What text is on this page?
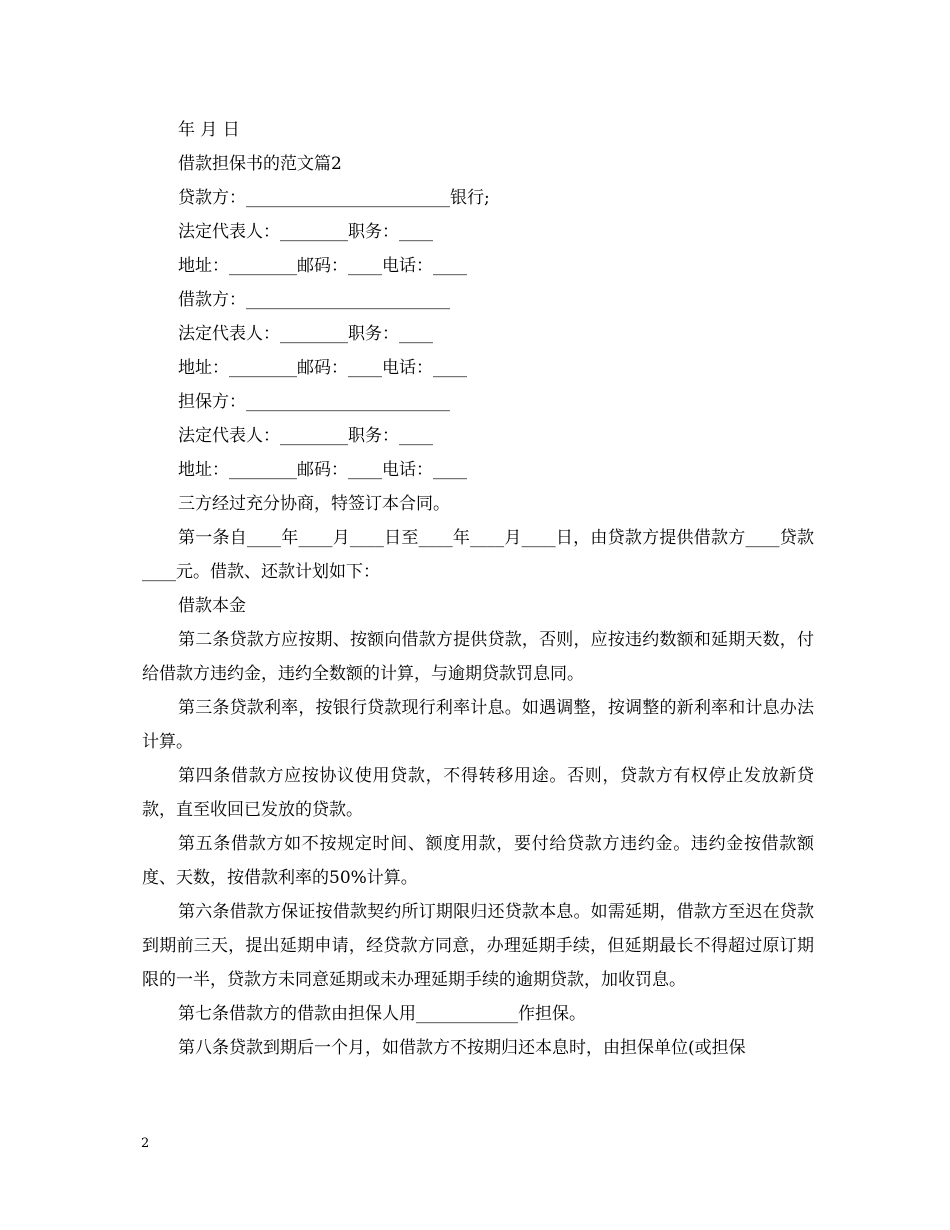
年 月 日
借款担保书的范文篇2
贷款方：________________________银行;
法定代表人：________职务：____
地址：________邮码：____电话：____
借款方：________________________
法定代表人：________职务：____
地址：________邮码：____电话：____
担保方：________________________
法定代表人：________职务：____
地址：________邮码：____电话：____
三方经过充分协商，特签订本合同。

第一条自____年____月____日至____年____月____日，由贷款方提供借款方____贷款____元。借款、还款计划如下：

借款本金

第二条贷款方应按期、按额向借款方提供贷款，否则，应按违约数额和延期天数，付给借款方违约金，违约全数额的计算，与逾期贷款罚息同。

第三条贷款利率，按银行贷款现行利率计息。如遇调整，按调整的新利率和计息办法计算。

第四条借款方应按协议使用贷款，不得转移用途。否则，贷款方有权停止发放新贷款，直至收回已发放的贷款。

第五条借款方如不按规定时间、额度用款，要付给贷款方违约金。违约金按借款额度、天数，按借款利率的50%计算。

第六条借款方保证按借款契约所订期限归还贷款本息。如需延期，借款方至迟在贷款到期前三天，提出延期申请，经贷款方同意，办理延期手续，但延期最长不得超过原订期限的一半，贷款方未同意延期或未办理延期手续的逾期贷款，加收罚息。

第七条借款方的借款由担保人用____________作担保。

第八条贷款到期后一个月，如借款方不按期归还本息时，由担保单位(或担保

2
